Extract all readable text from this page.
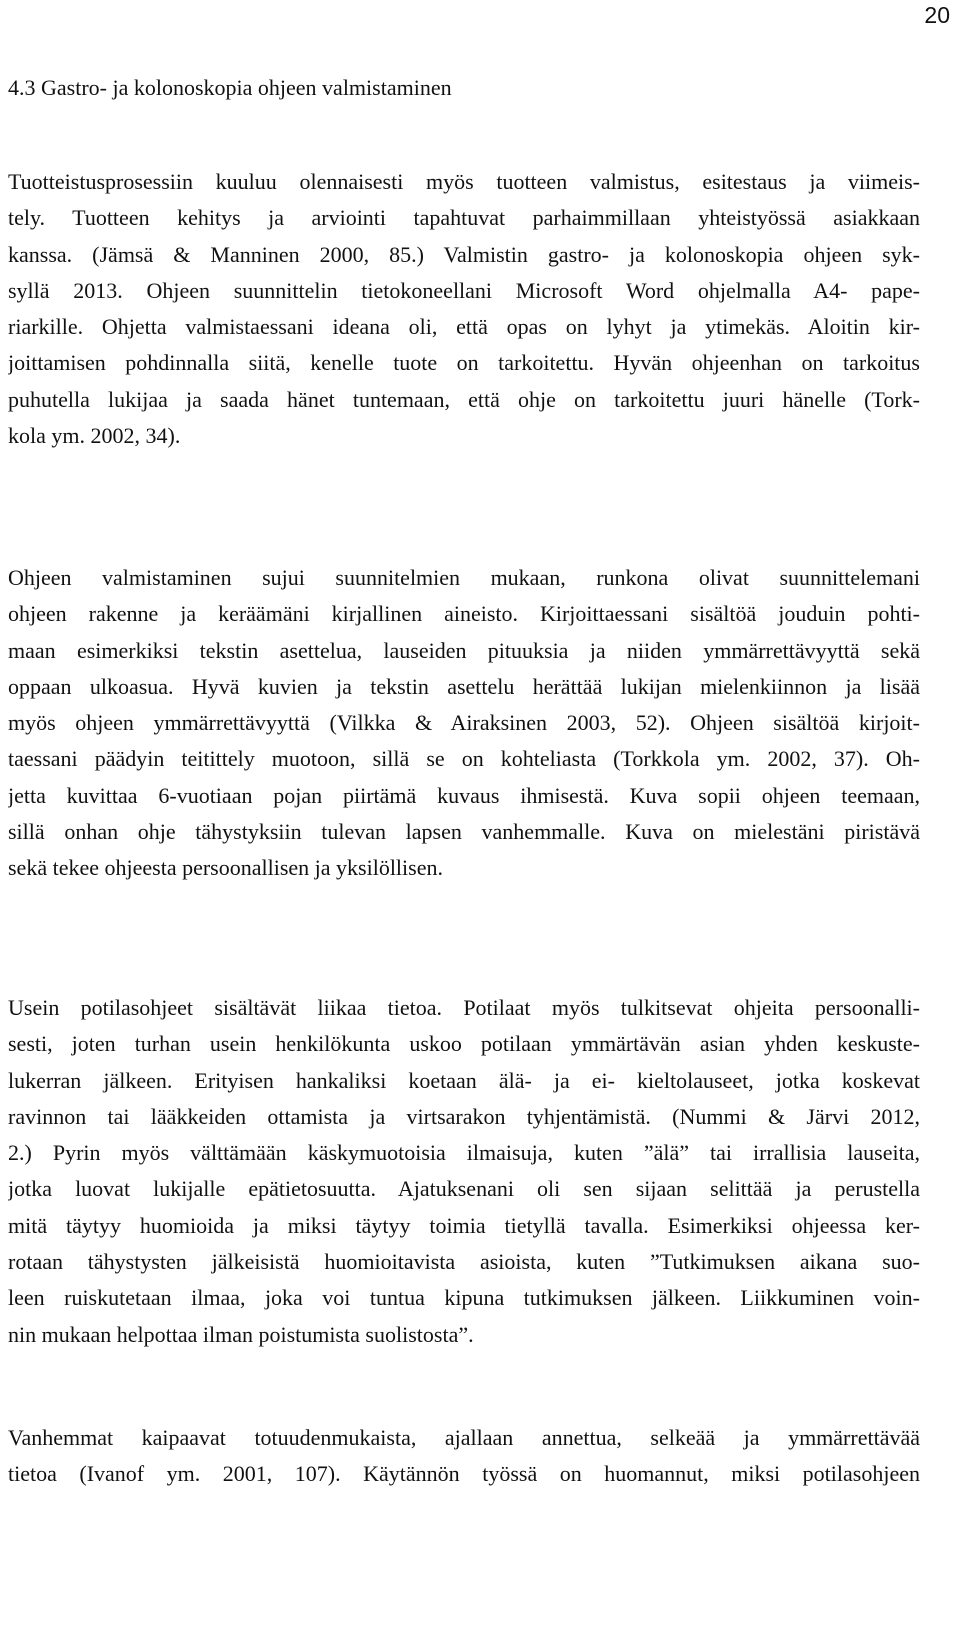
20
4.3 Gastro- ja kolonoskopia ohjeen valmistaminen
Tuotteistusprosessiin kuuluu olennaisesti myös tuotteen valmistus, esitestaus ja viimeis-
tely. Tuotteen kehitys ja arviointi tapahtuvat parhaimmillaan yhteistyössä asiakkaan
kanssa. (Jämsä & Manninen 2000, 85.) Valmistin gastro- ja kolonoskopia ohjeen syk-
syllä 2013. Ohjeen suunnittelin tietokoneellani Microsoft Word ohjelmalla A4- pape-
riarkille. Ohjetta valmistaessani ideana oli, että opas on lyhyt ja ytimekäs. Aloitin kir-
joittamisen pohdinnalla siitä, kenelle tuote on tarkoitettu. Hyvän ohjeenhan on tarkoitus
puhutella lukijaa ja saada hänet tuntemaan, että ohje on tarkoitettu juuri hänelle (Tork-
kola ym. 2002, 34).
Ohjeen valmistaminen sujui suunnitelmien mukaan, runkona olivat suunnittelemani
ohjeen rakenne ja keräämäni kirjallinen aineisto. Kirjoittaessani sisältöä jouduin pohti-
maan esimerkiksi tekstin asettelua, lauseiden pituuksia ja niiden ymmärrettävyyttä sekä
oppaan ulkoasua. Hyvä kuvien ja tekstin asettelu herättää lukijan mielenkiinnon ja lisää
myös ohjeen ymmärrettävyyttä (Vilkka & Airaksinen 2003, 52). Ohjeen sisältöä kirjoit-
taessani päädyin teitittely muotoon, sillä se on kohteliasta (Torkkola ym. 2002, 37). Oh-
jetta kuvittaa 6-vuotiaan pojan piirtämä kuvaus ihmisestä. Kuva sopii ohjeen teemaan,
sillä onhan ohje tähystyksiin tulevan lapsen vanhemmalle. Kuva on mielestäni piristävä
sekä tekee ohjeesta persoonallisen ja yksilöllisen.
Usein potilasohjeet sisältävät liikaa tietoa. Potilaat myös tulkitsevat ohjeita persoonalli-
sesti, joten turhan usein henkilökunta uskoo potilaan ymmärtävän asian yhden keskuste-
lukerran jälkeen. Erityisen hankaliksi koetaan älä- ja ei- kieltolauseet, jotka koskevat
ravinnon tai lääkkeiden ottamista ja virtsarakon tyhjentämistä. (Nummi & Järvi 2012,
2.) Pyrin myös välttämään käskymuotoisia ilmaisuja, kuten ”älä” tai irrallisia lauseita,
jotka luovat lukijalle epätietosuutta. Ajatuksenani oli sen sijaan selittää ja perustella
mitä täytyy huomioida ja miksi täytyy toimia tietyllä tavalla. Esimerkiksi ohjeessa ker-
rotaan tähystysten jälkeisistä huomioitavista asioista, kuten ”Tutkimuksen aikana suo-
leen ruiskutetaan ilmaa, joka voi tuntua kipuna tutkimuksen jälkeen. Liikkuminen voin-
nin mukaan helpottaa ilman poistumista suolistosta”.
Vanhemmat kaipaavat totuudenmukaista, ajallaan annettua, selkeää ja ymmärrettävää
tietoa (Ivanof ym. 2001, 107). Käytännön työssä on huomannut, miksi potilasohjeen
